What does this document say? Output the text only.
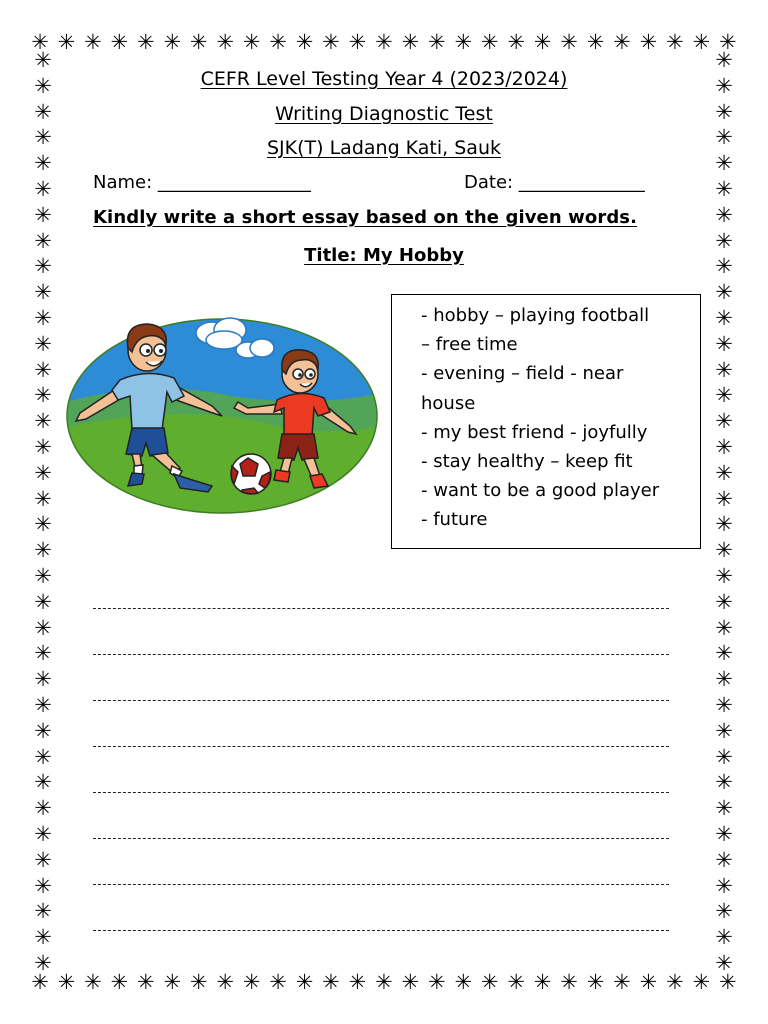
✳ ✳ ✳ ✳ ✳ ✳ ✳ ✳ ✳ ✳ ✳ ✳ ✳ ✳ ✳ ✳ ✳ ✳ ✳ ✳ ✳ ✳ ✳ ✳ ✳ ✳ ✳
✳ ✳ ✳ ✳ ✳ ✳ ✳ ✳ ✳ ✳ ✳ ✳ ✳ ✳ ✳ ✳ ✳ ✳ ✳ ✳ ✳ ✳ ✳ ✳ ✳ ✳ ✳
✳
✳
✳
✳
✳
✳
✳
✳
✳
✳
✳
✳
✳
✳
✳
✳
✳
✳
✳
✳
✳
✳
✳
✳
✳
✳
✳
✳
✳
✳
✳
✳
✳
✳
✳
✳
✳
✳
✳
✳
✳
✳
✳
✳
✳
✳
✳
✳
✳
✳
✳
✳
✳
✳
✳
✳
✳
✳
✳
✳
✳
✳
✳
✳
✳
✳
✳
✳
✳
✳
✳
✳
CEFR Level Testing Year 4 (2023/2024)
Writing Diagnostic Test
SJK(T) Ladang Kati, Sauk
Name: _________________	Date: ______________
Kindly write a short essay based on the given words.
Title: My Hobby
- hobby – playing football
– free time
- evening – field - near
house
- my best friend - joyfully
- stay healthy – keep fit
- want to be a good player
- future
